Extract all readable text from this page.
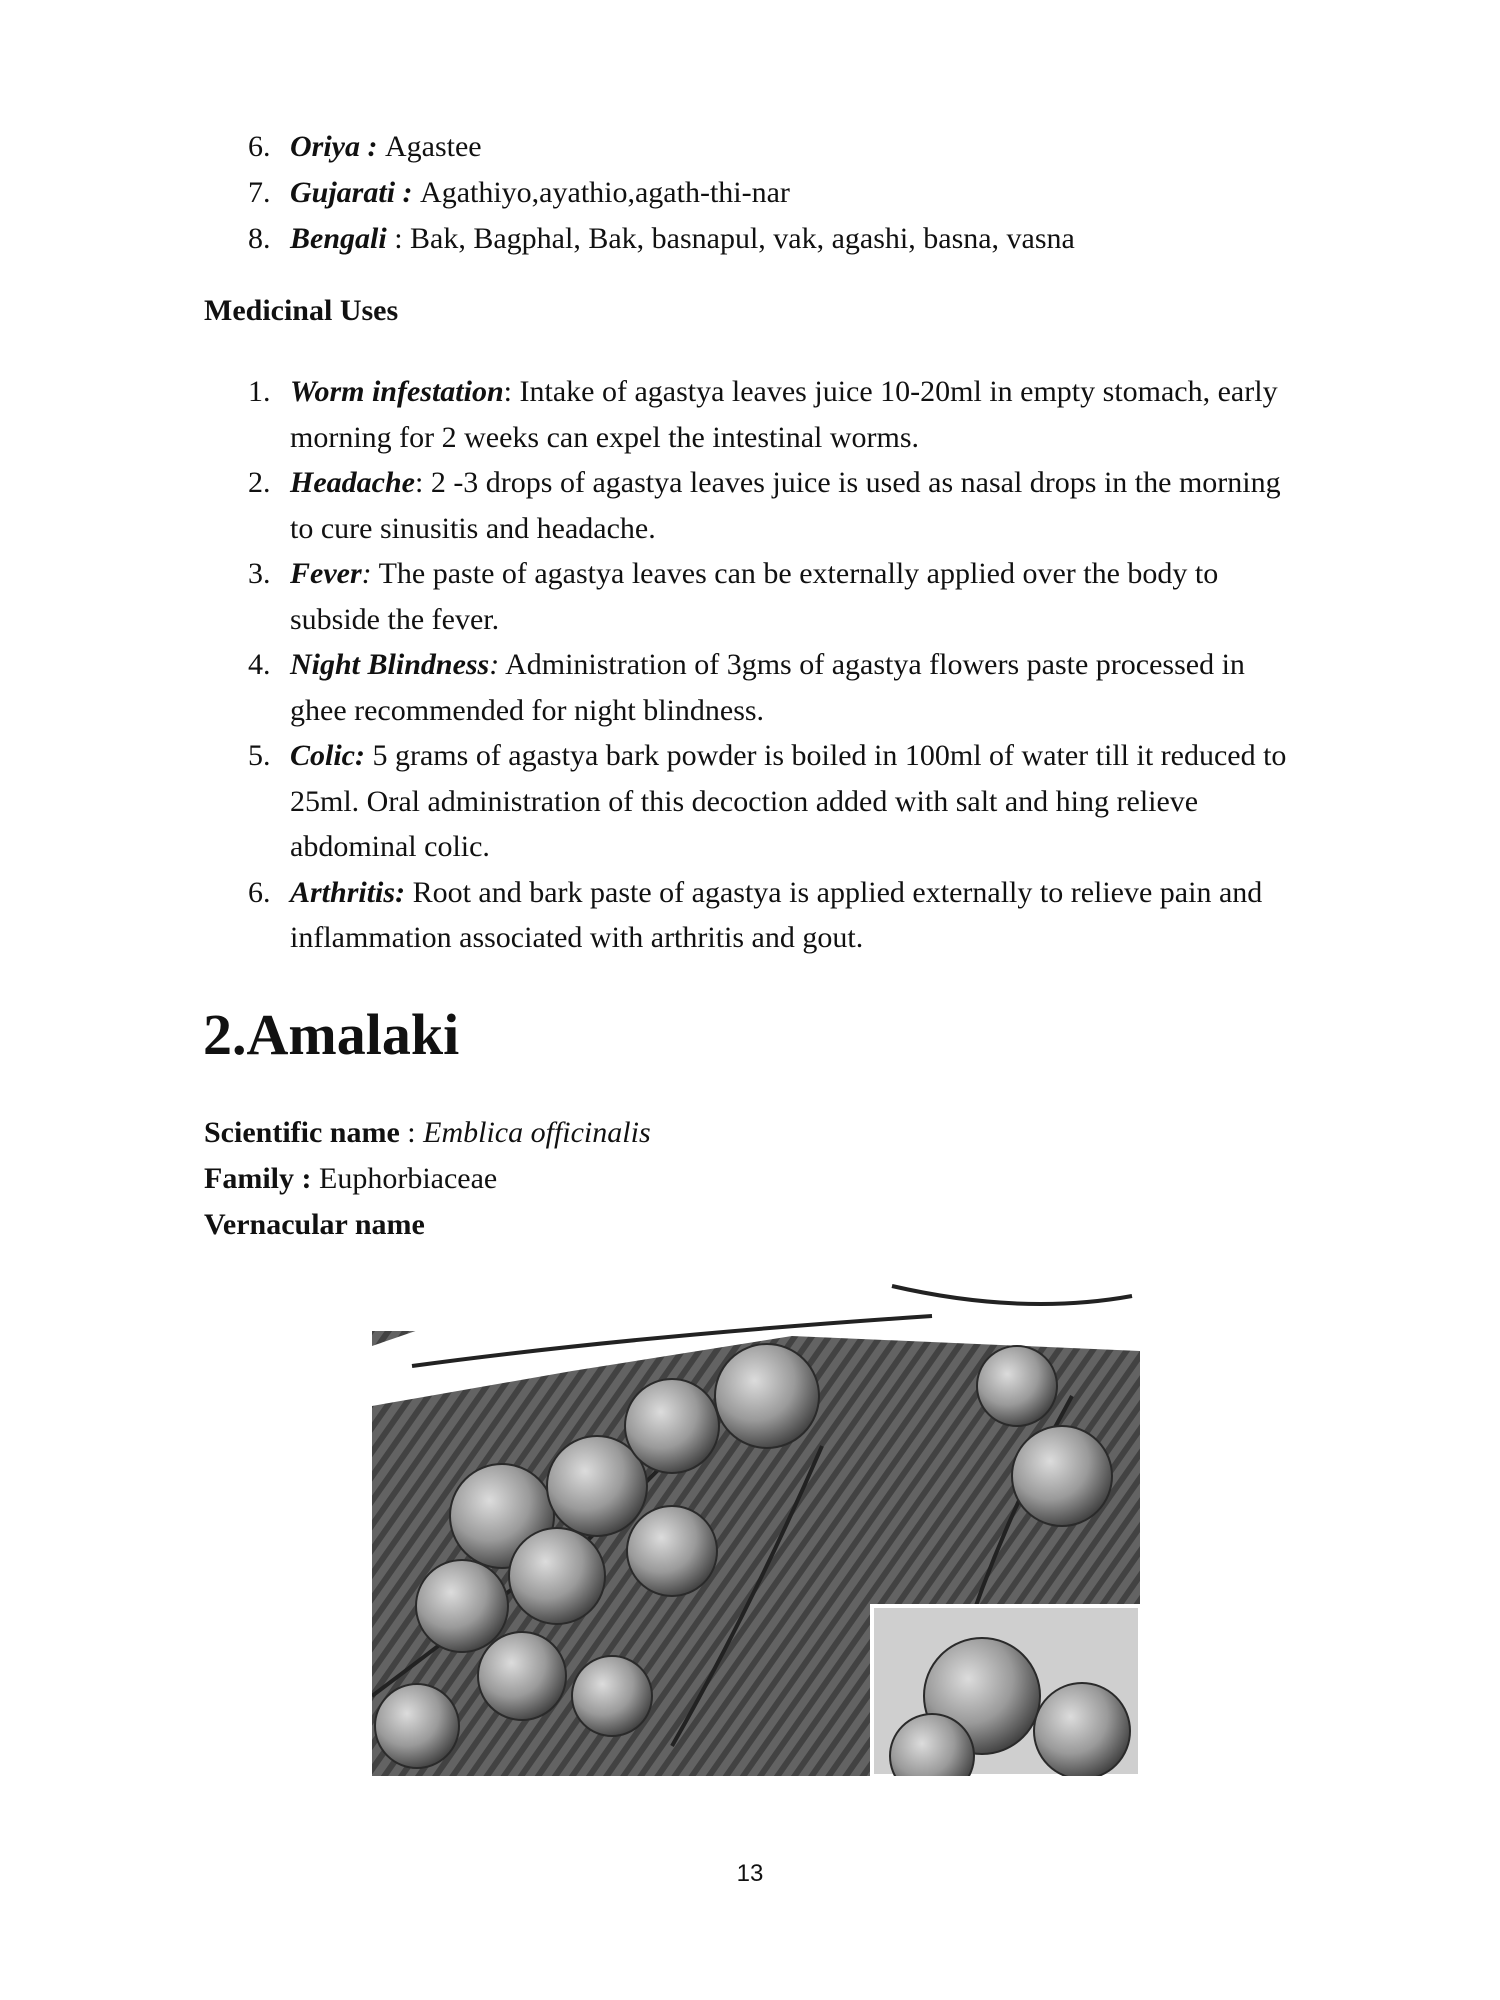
6. Oriya : Agastee
7. Gujarati : Agathiyo,ayathio,agath-thi-nar
8. Bengali : Bak, Bagphal, Bak, basnapul, vak, agashi, basna, vasna
Medicinal Uses
1. Worm infestation: Intake of agastya leaves juice 10-20ml in empty stomach, early morning for 2 weeks can expel the intestinal worms.
2. Headache: 2 -3 drops of agastya leaves juice is used as nasal drops in the morning to cure sinusitis and headache.
3. Fever: The paste of agastya leaves can be externally applied over the body to subside the fever.
4. Night Blindness: Administration of 3gms of agastya flowers paste processed in ghee recommended for night blindness.
5. Colic: 5 grams of agastya bark powder is boiled in 100ml of water till it reduced to 25ml. Oral administration of this decoction added with salt and hing relieve abdominal colic.
6. Arthritis: Root and bark paste of agastya is applied externally to relieve pain and inflammation associated with arthritis and gout.
2.Amalaki
Scientific name : Emblica officinalis
Family : Euphorbiaceae
Vernacular name
13
